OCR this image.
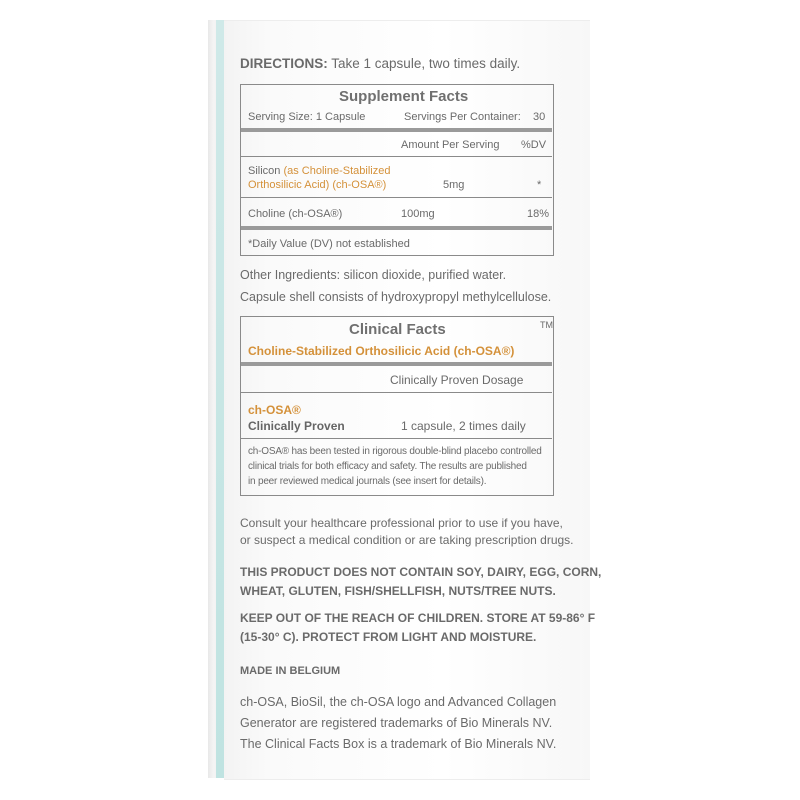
DIRECTIONS: Take 1 capsule, two times daily.
Supplement Facts
Serving Size: 1 Capsule	Servings Per Container: 30
Amount Per Serving %DV
Silicon (as Choline-Stabilized
Orthosilicic Acid) (ch-OSA®)	5mg	*
Choline (ch-OSA®)	100mg	18%
*Daily Value (DV) not established
Other Ingredients: silicon dioxide, purified water.
Capsule shell consists of hydroxypropyl methylcellulose.
TM
Clinical Facts
Choline-Stabilized Orthosilicic Acid (ch-OSA®)
Clinically Proven Dosage
ch-OSA®
Clinically Proven	1 capsule, 2 times daily
ch-OSA® has been tested in rigorous double-blind placebo controlled
clinical trials for both efficacy and safety. The results are published
in peer reviewed medical journals (see insert for details).
Consult your healthcare professional prior to use if you have,
or suspect a medical condition or are taking prescription drugs.
THIS PRODUCT DOES NOT CONTAIN SOY, DAIRY, EGG, CORN,
WHEAT, GLUTEN, FISH/SHELLFISH, NUTS/TREE NUTS.
KEEP OUT OF THE REACH OF CHILDREN. STORE AT 59-86° F
(15-30° C). PROTECT FROM LIGHT AND MOISTURE.
MADE IN BELGIUM
ch-OSA, BioSil, the ch-OSA logo and Advanced Collagen
Generator are registered trademarks of Bio Minerals NV.
The Clinical Facts Box is a trademark of Bio Minerals NV.
